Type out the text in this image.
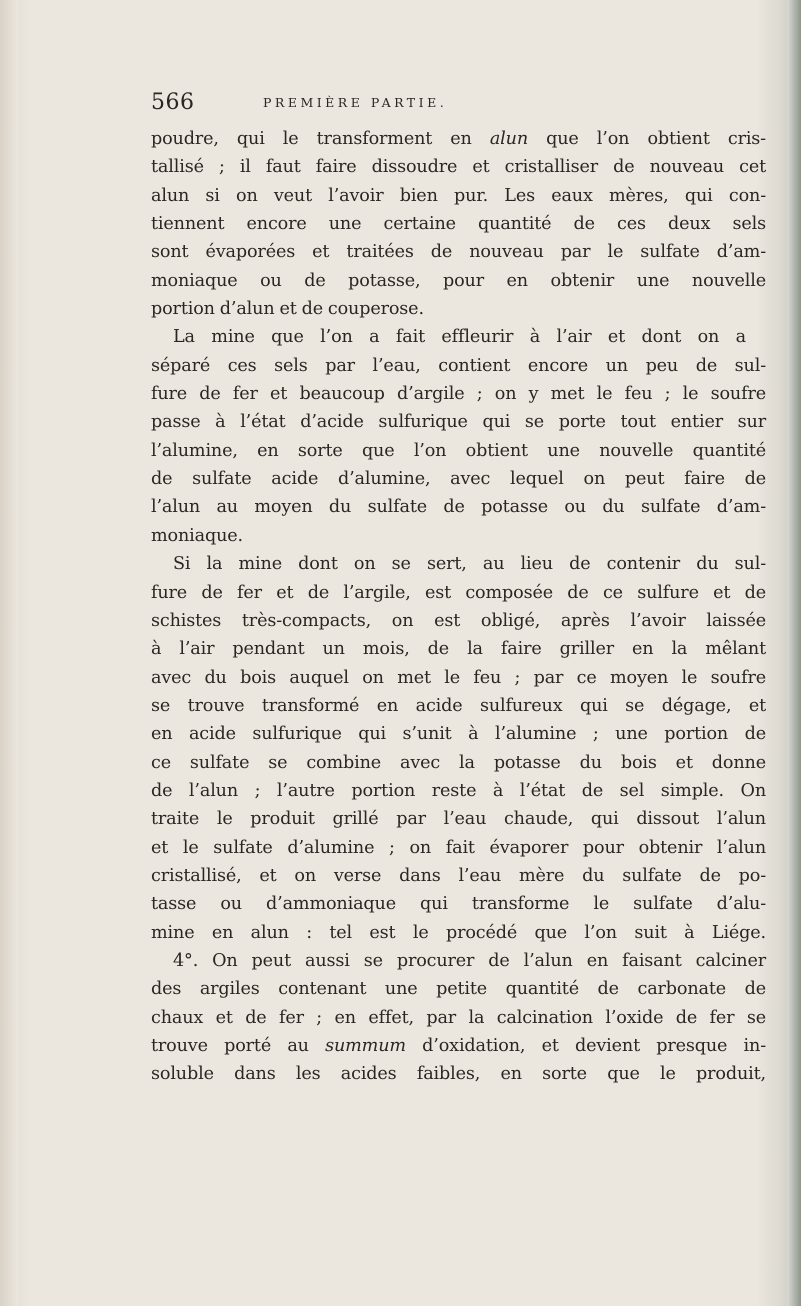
566	PREMIÈRE PARTIE.
poudre, qui le transforment en alun que l’on obtient cris-
tallisé ; il faut faire dissoudre et cristalliser de nouveau cet
alun si on veut l’avoir bien pur. Les eaux mères, qui con-
tiennent encore une certaine quantité de ces deux sels
sont évaporées et traitées de nouveau par le sulfate d’am-
moniaque ou de potasse, pour en obtenir une nouvelle
portion d’alun et de couperose.
La mine que l’on a fait effleurir à l’air et dont on a
séparé ces sels par l’eau, contient encore un peu de sul-
fure de fer et beaucoup d’argile ; on y met le feu ; le soufre
passe à l’état d’acide sulfurique qui se porte tout entier sur
l’alumine, en sorte que l’on obtient une nouvelle quantité
de sulfate acide d’alumine, avec lequel on peut faire de
l’alun au moyen du sulfate de potasse ou du sulfate d’am-
moniaque.
Si la mine dont on se sert, au lieu de contenir du sul-
fure de fer et de l’argile, est composée de ce sulfure et de
schistes très-compacts, on est obligé, après l’avoir laissée
à l’air pendant un mois, de la faire griller en la mêlant
avec du bois auquel on met le feu ; par ce moyen le soufre
se trouve transformé en acide sulfureux qui se dégage, et
en acide sulfurique qui s’unit à l’alumine ; une portion de
ce sulfate se combine avec la potasse du bois et donne
de l’alun ; l’autre portion reste à l’état de sel simple. On
traite le produit grillé par l’eau chaude, qui dissout l’alun
et le sulfate d’alumine ; on fait évaporer pour obtenir l’alun
cristallisé, et on verse dans l’eau mère du sulfate de po-
tasse ou d’ammoniaque qui transforme le sulfate d’alu-
mine en alun : tel est le procédé que l’on suit à Liége.
4°. On peut aussi se procurer de l’alun en faisant calciner
des argiles contenant une petite quantité de carbonate de
chaux et de fer ; en effet, par la calcination l’oxide de fer se
trouve porté au summum d’oxidation, et devient presque in-
soluble dans les acides faibles, en sorte que le produit,
